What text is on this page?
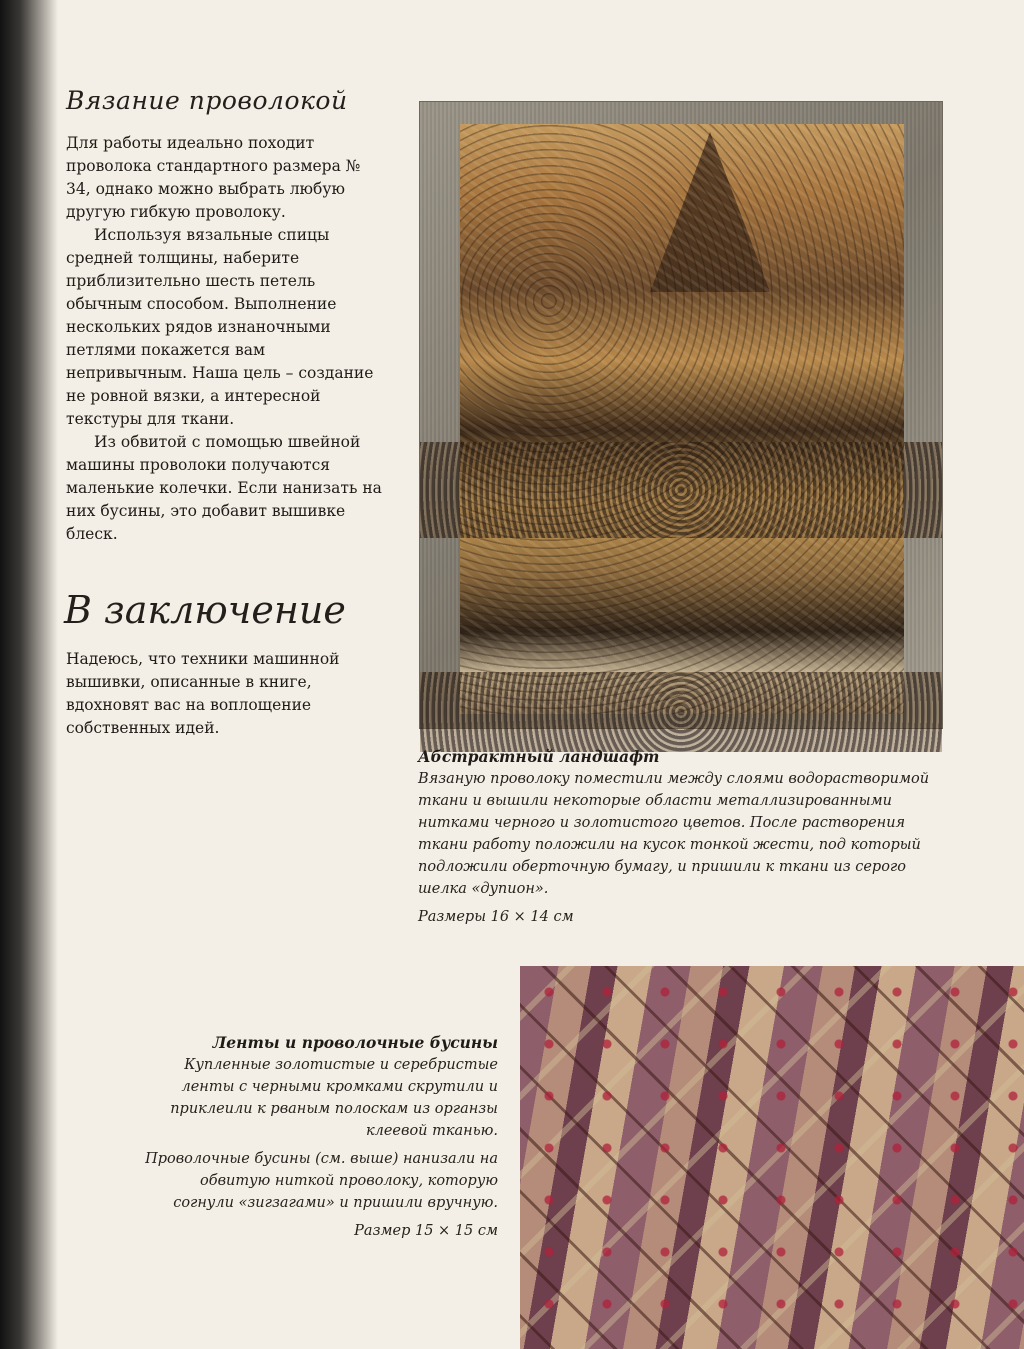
Вязание проволокой

Для работы идеально походит проволока стандартного размера № 34, однако можно выбрать любую другую гибкую проволоку.

Используя вязальные спицы средней толщины, наберите приблизительно шесть петель обычным способом. Выполнение нескольких рядов изнаночными петлями покажется вам непривычным. Наша цель – создание не ровной вязки, а интересной текстуры для ткани.

Из обвитой с помощью швейной машины проволоки получаются маленькие колечки. Если нанизать на них бусины, это добавит вышивке блеск.

В заключение

Надеюсь, что техники машинной вышивки, описанные в книге, вдохновят вас на воплощение собственных идей.

Абстрактный ландшафт

Вязаную проволоку поместили между слоями водорастворимой ткани и вышили некоторые области металлизированными нитками черного и золотистого цветов. После растворения ткани работу положили на кусок тонкой жести, под который подложили оберточную бумагу, и пришили к ткани из серого шелка «дупион».

Размеры 16 × 14 см

Ленты и проволочные бусины

Купленные золотистые и серебристые ленты с черными кромками скрутили и приклеили к рваным полоскам из органзы клеевой тканью.

Проволочные бусины (см. выше) нанизали на обвитую ниткой проволоку, которую согнули «зигзагами» и пришили вручную.

Размер 15 × 15 см
